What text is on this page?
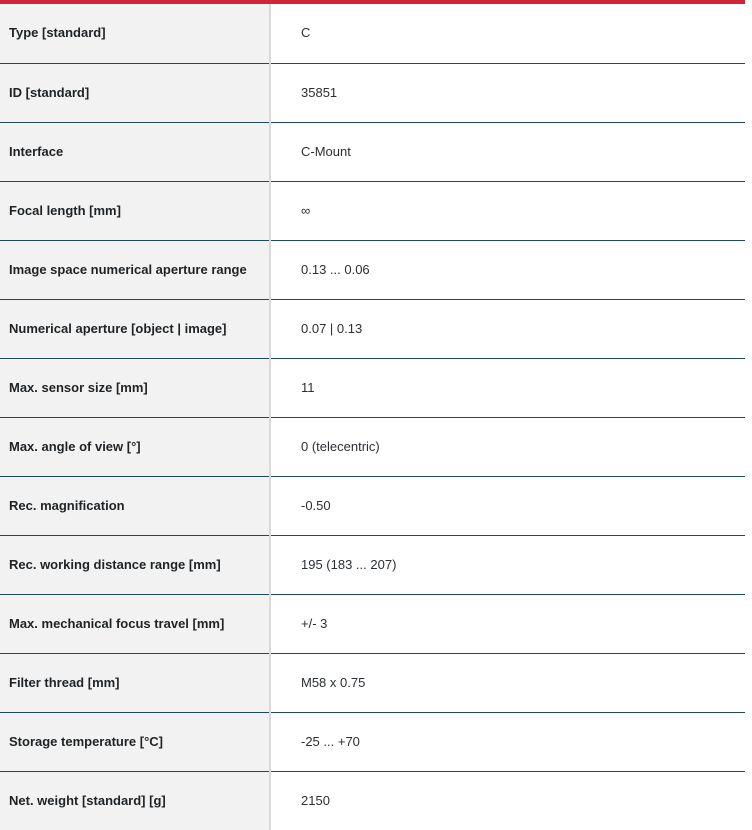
Type [standard]	C
ID [standard]	35851
Interface	C-Mount
Focal length [mm]	∞
Image space numerical aperture range	0.13 ... 0.06
Numerical aperture [object | image]	0.07 | 0.13
Max. sensor size [mm]	11
Max. angle of view [°]	0 (telecentric)
Rec. magnification	-0.50
Rec. working distance range [mm]	195 (183 ... 207)
Max. mechanical focus travel [mm]	+/- 3
Filter thread [mm]	M58 x 0.75
Storage temperature [°C]	-25 ... +70
Net. weight [standard] [g]	2150
